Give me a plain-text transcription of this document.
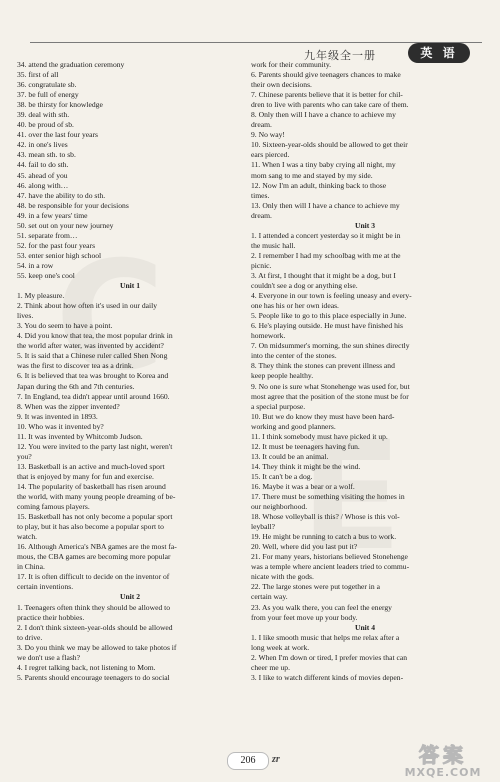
九年级全一册	英 语
34. attend the graduation ceremony
35. first of all
36. congratulate sb.
37. be full of energy
38. be thirsty for knowledge
39. deal with sth.
40. be proud of sb.
41. over the last four years
42. in one's lives
43. mean sth. to sb.
44. fail to do sth.
45. ahead of you
46. along with…
47. have the ability to do sth.
48. be responsible for your decisions
49. in a few years' time
50. set out on your new journey
51. separate from…
52. for the past four years
53. enter senior high school
54. in a row
55. keep one's cool
Unit 1
1. My pleasure.
2. Think about how often it's used in our daily
lives.
3. You do seem to have a point.
4. Did you know that tea, the most popular drink in
the world after water, was invented by accident?
5. It is said that a Chinese ruler called Shen Nong
was the first to discover tea as a drink.
6. It is believed that tea was brought to Korea and
Japan during the 6th and 7th centuries.
7. In England, tea didn't appear until around 1660.
8. When was the zipper invented?
9. It was invented in 1893.
10. Who was it invented by?
11. It was invented by Whitcomb Judson.
12. You were invited to the party last night, weren't
you?
13. Basketball is an active and much-loved sport
that is enjoyed by many for fun and exercise.
14. The popularity of basketball has risen around
the world, with many young people dreaming of be-
coming famous players.
15. Basketball has not only become a popular sport
to play, but it has also become a popular sport to
watch.
16. Although America's NBA games are the most fa-
mous, the CBA games are becoming more popular
in China.
17. It is often difficult to decide on the inventor of
certain inventions.
Unit 2
1. Teenagers often think they should be allowed to
practice their hobbies.
2. I don't think sixteen-year-olds should be allowed
to drive.
3. Do you think we may be allowed to take photos if
we don't use a flash?
4. I regret talking back, not listening to Mom.
5. Parents should encourage teenagers to do social
work for their community.
6. Parents should give teenagers chances to make
their own decisions.
7. Chinese parents believe that it is better for chil-
dren to live with parents who can take care of them.
8. Only then will I have a chance to achieve my
dream.
9. No way!
10. Sixteen-year-olds should be allowed to get their
ears pierced.
11. When I was a tiny baby crying all night, my
mom sang to me and stayed by my side.
12. Now I'm an adult, thinking back to those
times.
13. Only then will I have a chance to achieve my
dream.
Unit 3
1. I attended a concert yesterday so it might be in
the music hall.
2. I remember I had my schoolbag with me at the
picnic.
3. At first, I thought that it might be a dog, but I
couldn't see a dog or anything else.
4. Everyone in our town is feeling uneasy and every-
one has his or her own ideas.
5. People like to go to this place especially in June.
6. He's playing outside. He must have finished his
homework.
7. On midsummer's morning, the sun shines directly
into the center of the stones.
8. They think the stones can prevent illness and
keep people healthy.
9. No one is sure what Stonehenge was used for, but
most agree that the position of the stone must be for
a special purpose.
10. But we do know they must have been hard-
working and good planners.
11. I think somebody must have picked it up.
12. It must be teenagers having fun.
13. It could be an animal.
14. They think it might be the wind.
15. It can't be a dog.
16. Maybe it was a bear or a wolf.
17. There must be something visiting the homes in
our neighborhood.
18. Whose volleyball is this? / Whose is this vol-
leyball?
19. He might be running to catch a bus to work.
20. Well, where did you last put it?
21. For many years, historians believed Stonehenge
was a temple where ancient leaders tried to commu-
nicate with the gods.
22. The large stones were put together in a
certain way.
23. As you walk there, you can feel the energy
from your feet move up your body.
Unit 4
1. I like smooth music that helps me relax after a
long week at work.
2. When I'm down or tired, I prefer movies that can
cheer me up.
3. I like to watch different kinds of movies depen-
206	zr	答案
MXQE.COM
